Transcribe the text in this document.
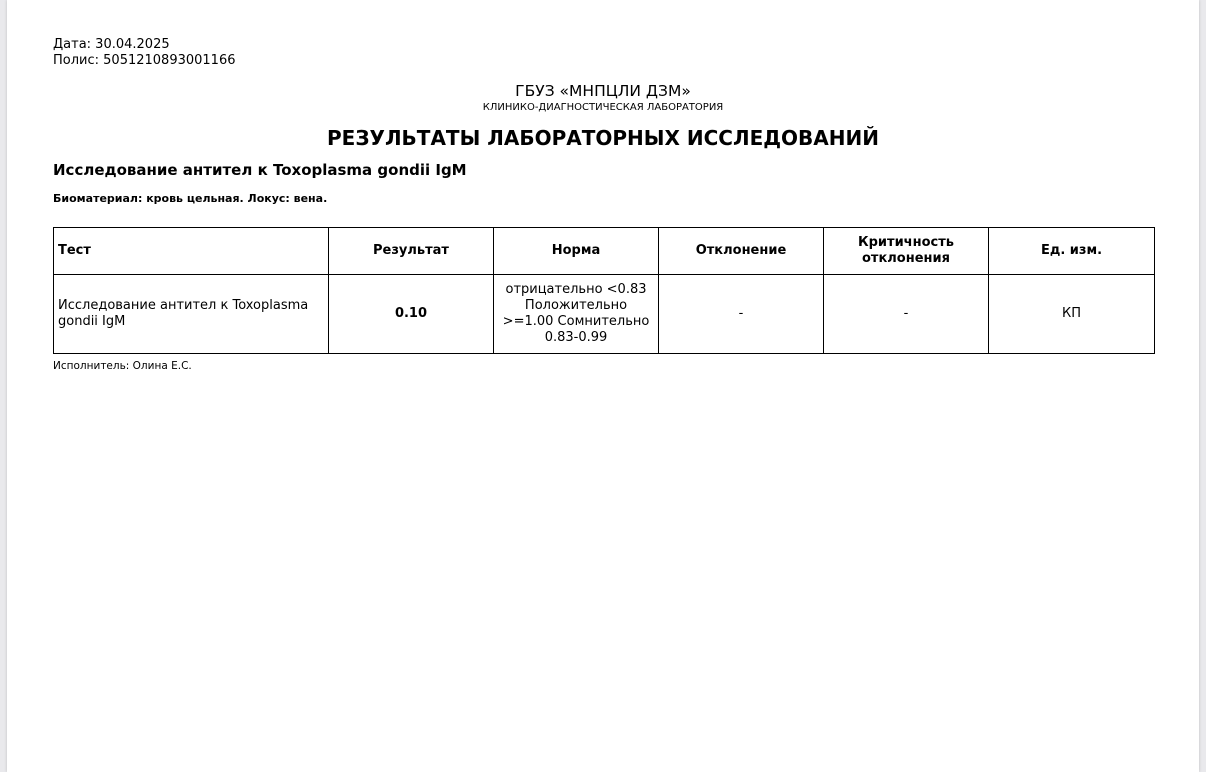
Дата: 30.04.2025
Полис: 5051210893001166
ГБУЗ «МНПЦЛИ ДЗМ»
КЛИНИКО-ДИАГНОСТИЧЕСКАЯ ЛАБОРАТОРИЯ
РЕЗУЛЬТАТЫ ЛАБОРАТОРНЫХ ИССЛЕДОВАНИЙ
Исследование антител к Toxoplasma gondii IgM
Биоматериал: кровь цельная. Локус: вена.
Тест	Результат	Норма	Отклонение	Критичность отклонения	Ед. изм.
Исследование антител к Toxoplasma gondii IgM	0.10	отрицательно <0.83 Положительно >=1.00 Сомнительно 0.83-0.99	-	-	КП
Исполнитель: Олина Е.С.
